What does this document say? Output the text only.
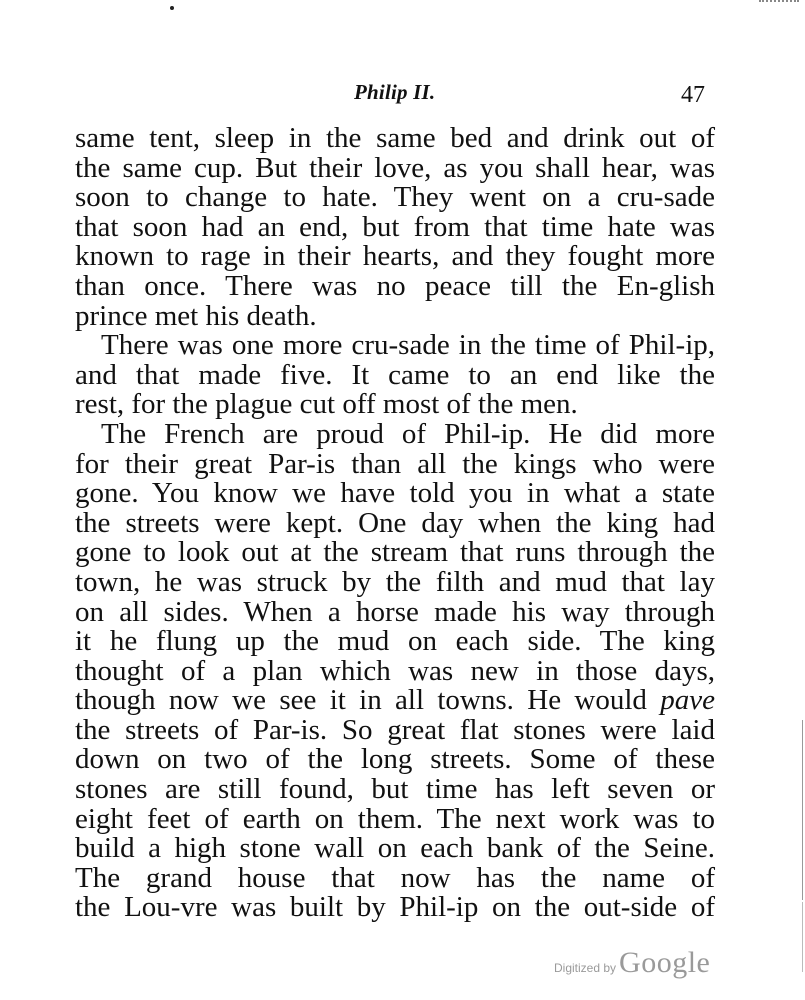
Philip II.	47
same tent, sleep in the same bed and drink out of
the same cup. But their love, as you shall hear, was
soon to change to hate. They went on a cru-sade
that soon had an end, but from that time hate was
known to rage in their hearts, and they fought more
than once. There was no peace till the En-glish
prince met his death.
There was one more cru-sade in the time of Phil-ip,
and that made five. It came to an end like the
rest, for the plague cut off most of the men.
The French are proud of Phil-ip. He did more
for their great Par-is than all the kings who were
gone. You know we have told you in what a state
the streets were kept. One day when the king had
gone to look out at the stream that runs through the
town, he was struck by the filth and mud that lay
on all sides. When a horse made his way through
it he flung up the mud on each side. The king
thought of a plan which was new in those days,
though now we see it in all towns. He would pave
the streets of Par-is. So great flat stones were laid
down on two of the long streets. Some of these
stones are still found, but time has left seven or
eight feet of earth on them. The next work was to
build a high stone wall on each bank of the Seine.
The grand house that now has the name of
the Lou-vre was built by Phil-ip on the out-side of
Digitized by Google
